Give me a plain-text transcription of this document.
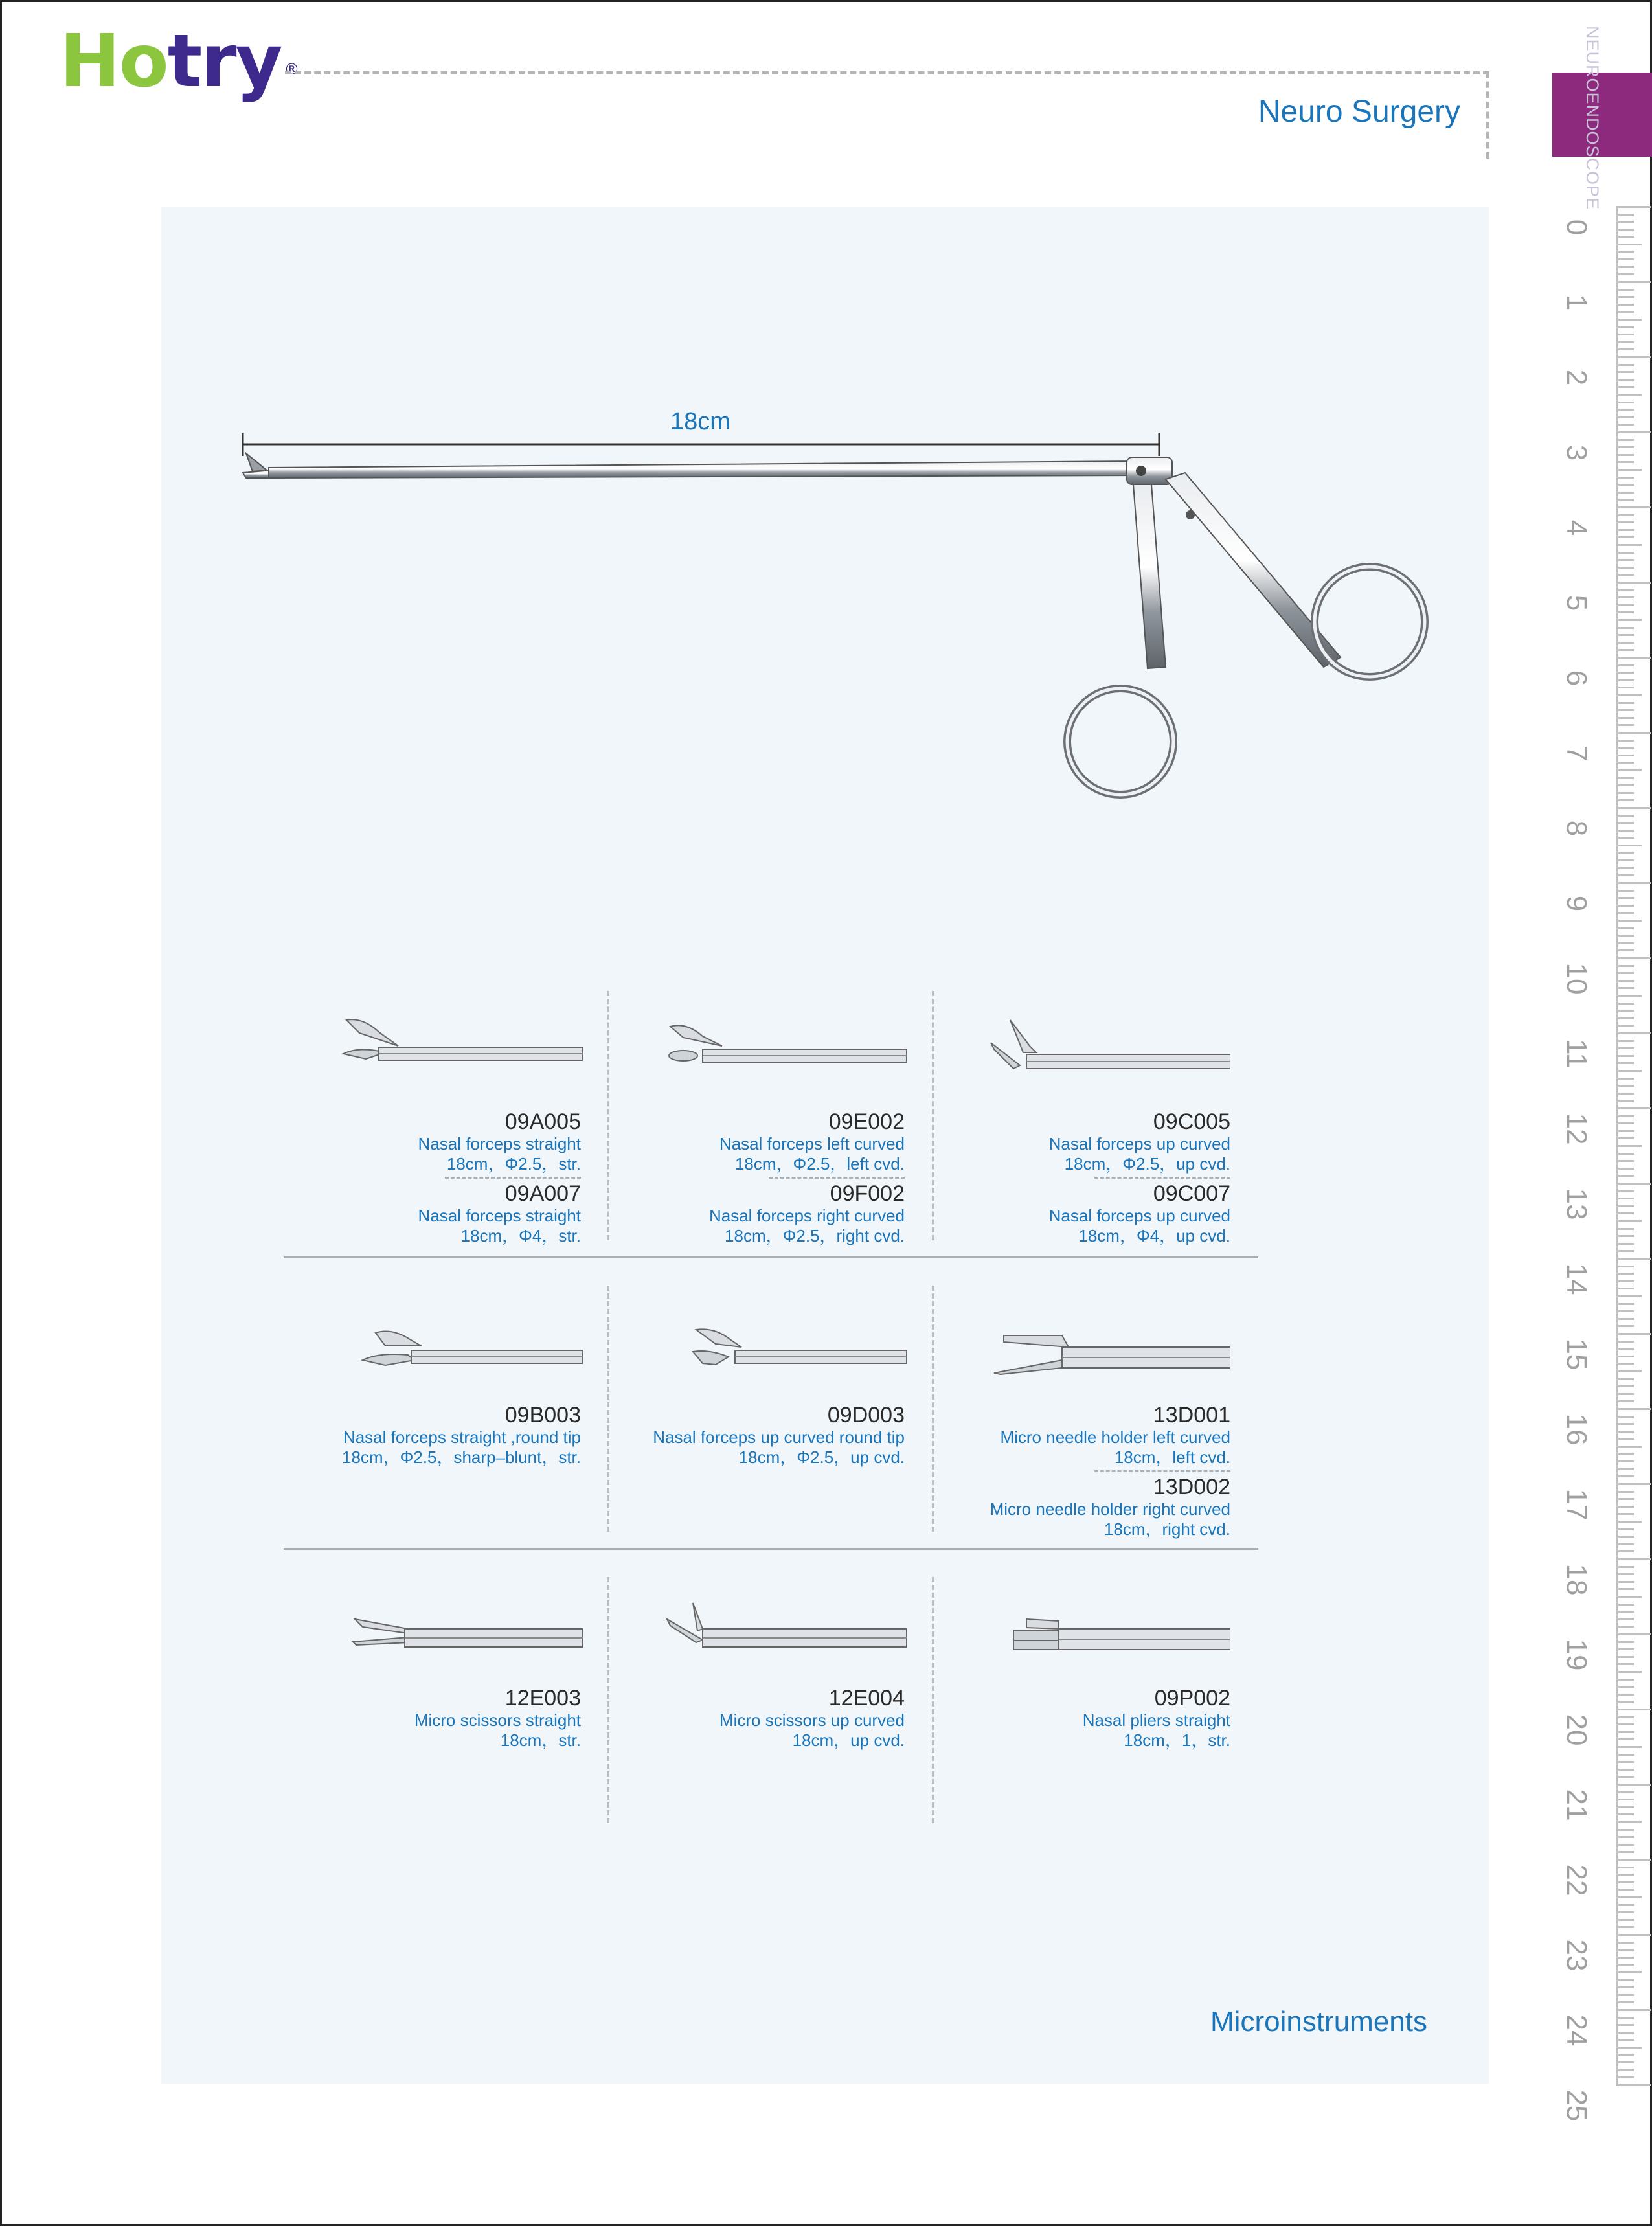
Hotry ®
Neuro Surgery	NEUROENDOSCOPE
0
1
2
3
4
5
6
7
8
9
10
11
12
13
14
15
16
17
18
19
20
21
22
23
24
25
18cm
09A005
Nasal forceps straight
18cm，Φ2.5，str.
09A007
Nasal forceps straight
18cm，Φ4，str.
09E002
Nasal forceps left curved
18cm，Φ2.5，left cvd.
09F002
Nasal forceps right curved
18cm，Φ2.5，right cvd.
09C005
Nasal forceps up curved
18cm，Φ2.5，up cvd.
09C007
Nasal forceps up curved
18cm，Φ4，up cvd.
09B003
Nasal forceps straight ,round tip
18cm，Φ2.5，sharp–blunt，str.
09D003
Nasal forceps up curved round tip
18cm，Φ2.5，up cvd.
13D001
Micro needle holder left curved
18cm，left cvd.
13D002
Micro needle holder right curved
18cm，right cvd.
12E003
Micro scissors straight
18cm，str.
12E004
Micro scissors up curved
18cm，up cvd.
09P002
Nasal pliers straight
18cm，1，str.
Microinstruments
